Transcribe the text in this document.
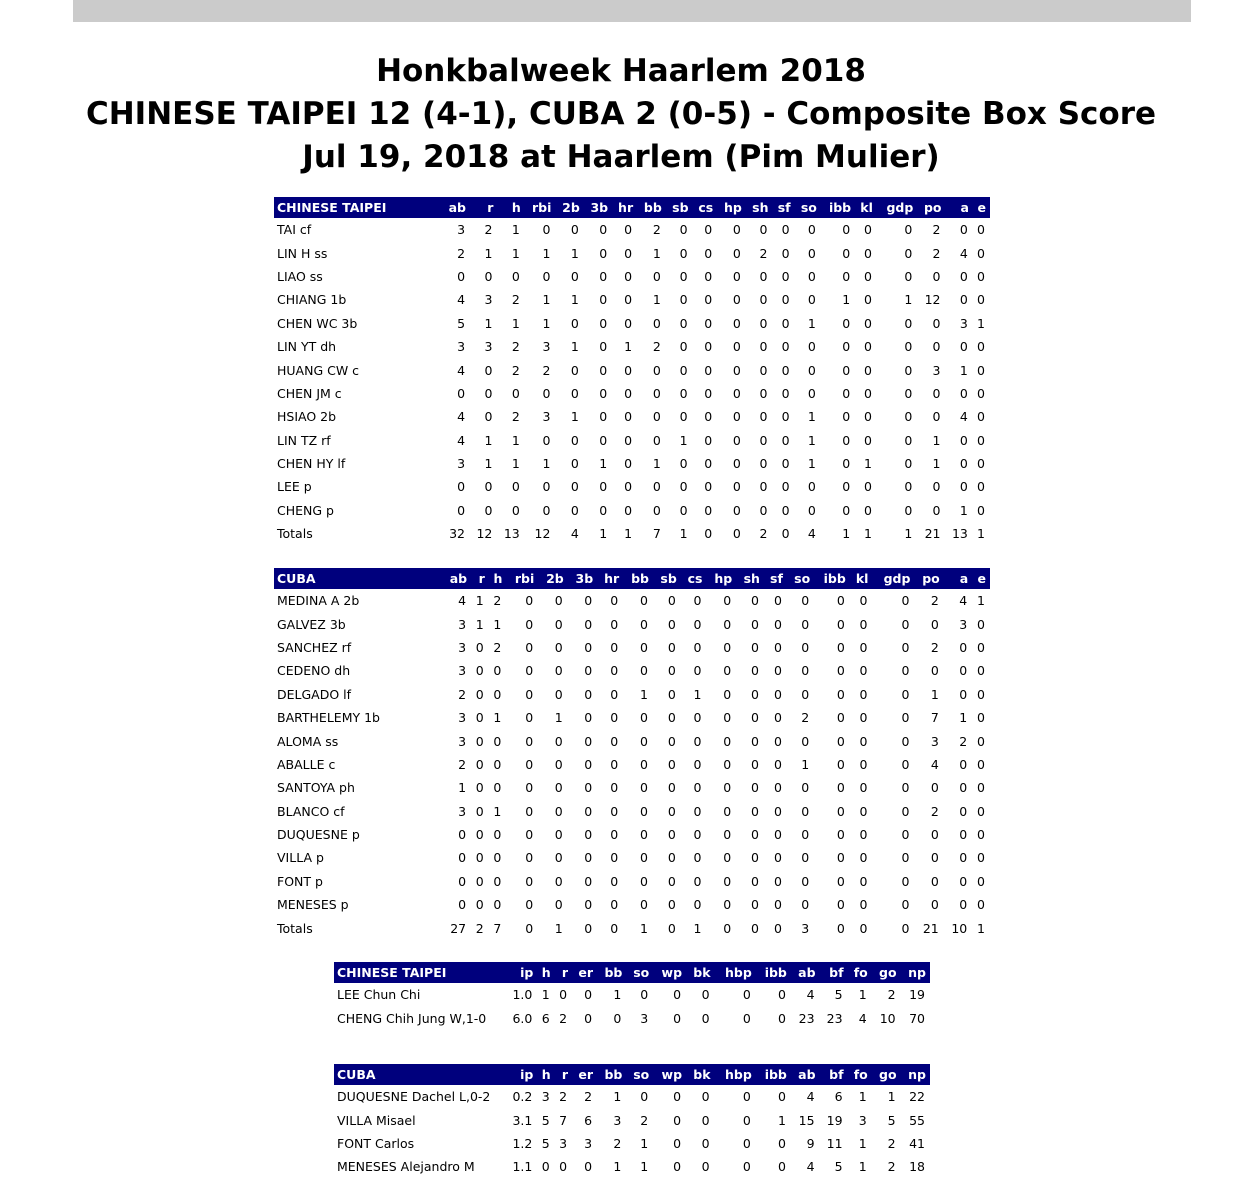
Honkbalweek Haarlem 2018
CHINESE TAIPEI 12 (4-1), CUBA 2 (0-5) - Composite Box Score
Jul 19, 2018 at Haarlem (Pim Mulier)
CHINESE TAIPEI	ab	r	h	rbi	2b	3b	hr	bb	sb	cs	hp	sh	sf	so	ibb	kl	gdp	po	a	e
TAI cf	3	2	1	0	0	0	0	2	0	0	0	0	0	0	0	0	0	2	0	0
LIN H ss	2	1	1	1	1	0	0	1	0	0	0	2	0	0	0	0	0	2	4	0
LIAO ss	0	0	0	0	0	0	0	0	0	0	0	0	0	0	0	0	0	0	0	0
CHIANG 1b	4	3	2	1	1	0	0	1	0	0	0	0	0	0	1	0	1	12	0	0
CHEN WC 3b	5	1	1	1	0	0	0	0	0	0	0	0	0	1	0	0	0	0	3	1
LIN YT dh	3	3	2	3	1	0	1	2	0	0	0	0	0	0	0	0	0	0	0	0
HUANG CW c	4	0	2	2	0	0	0	0	0	0	0	0	0	0	0	0	0	3	1	0
CHEN JM c	0	0	0	0	0	0	0	0	0	0	0	0	0	0	0	0	0	0	0	0
HSIAO 2b	4	0	2	3	1	0	0	0	0	0	0	0	0	1	0	0	0	0	4	0
LIN TZ rf	4	1	1	0	0	0	0	0	1	0	0	0	0	1	0	0	0	1	0	0
CHEN HY lf	3	1	1	1	0	1	0	1	0	0	0	0	0	1	0	1	0	1	0	0
LEE p	0	0	0	0	0	0	0	0	0	0	0	0	0	0	0	0	0	0	0	0
CHENG p	0	0	0	0	0	0	0	0	0	0	0	0	0	0	0	0	0	0	1	0
Totals	32	12	13	12	4	1	1	7	1	0	0	2	0	4	1	1	1	21	13	1
CUBA	ab	r	h	rbi	2b	3b	hr	bb	sb	cs	hp	sh	sf	so	ibb	kl	gdp	po	a	e
MEDINA A 2b	4	1	2	0	0	0	0	0	0	0	0	0	0	0	0	0	0	2	4	1
GALVEZ 3b	3	1	1	0	0	0	0	0	0	0	0	0	0	0	0	0	0	0	3	0
SANCHEZ rf	3	0	2	0	0	0	0	0	0	0	0	0	0	0	0	0	0	2	0	0
CEDENO dh	3	0	0	0	0	0	0	0	0	0	0	0	0	0	0	0	0	0	0	0
DELGADO lf	2	0	0	0	0	0	0	1	0	1	0	0	0	0	0	0	0	1	0	0
BARTHELEMY 1b	3	0	1	0	1	0	0	0	0	0	0	0	0	2	0	0	0	7	1	0
ALOMA ss	3	0	0	0	0	0	0	0	0	0	0	0	0	0	0	0	0	3	2	0
ABALLE c	2	0	0	0	0	0	0	0	0	0	0	0	0	1	0	0	0	4	0	0
SANTOYA ph	1	0	0	0	0	0	0	0	0	0	0	0	0	0	0	0	0	0	0	0
BLANCO cf	3	0	1	0	0	0	0	0	0	0	0	0	0	0	0	0	0	2	0	0
DUQUESNE p	0	0	0	0	0	0	0	0	0	0	0	0	0	0	0	0	0	0	0	0
VILLA p	0	0	0	0	0	0	0	0	0	0	0	0	0	0	0	0	0	0	0	0
FONT p	0	0	0	0	0	0	0	0	0	0	0	0	0	0	0	0	0	0	0	0
MENESES p	0	0	0	0	0	0	0	0	0	0	0	0	0	0	0	0	0	0	0	0
Totals	27	2	7	0	1	0	0	1	0	1	0	0	0	3	0	0	0	21	10	1
CHINESE TAIPEI	ip	h	r	er	bb	so	wp	bk	hbp	ibb	ab	bf	fo	go	np
LEE Chun Chi	1.0	1	0	0	1	0	0	0	0	0	4	5	1	2	19
CHENG Chih Jung W,1-0	6.0	6	2	0	0	3	0	0	0	0	23	23	4	10	70
CUBA	ip	h	r	er	bb	so	wp	bk	hbp	ibb	ab	bf	fo	go	np
DUQUESNE Dachel L,0-2	0.2	3	2	2	1	0	0	0	0	0	4	6	1	1	22
VILLA Misael	3.1	5	7	6	3	2	0	0	0	1	15	19	3	5	55
FONT Carlos	1.2	5	3	3	2	1	0	0	0	0	9	11	1	2	41
MENESES Alejandro M	1.1	0	0	0	1	1	0	0	0	0	4	5	1	2	18
